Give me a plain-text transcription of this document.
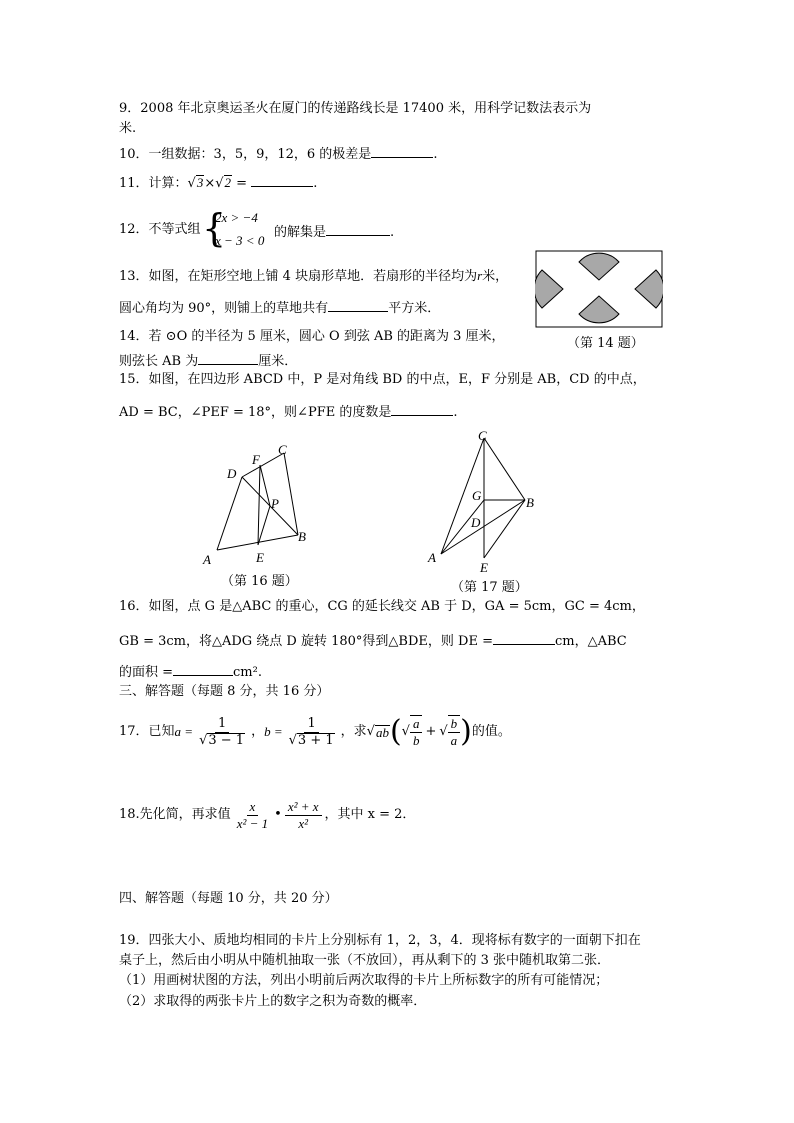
9．2008 年北京奥运圣火在厦门的传递路线长是 17400 米，用科学记数法表示为
米.
10．一组数据：3，5，9，12，6 的极差是	.
11．计算：√3×√2 =	.
12．不等式组 {
2x > −4
x − 3 < 0
的解集是	.
13．如图，在矩形空地上铺 4 块扇形草地．若扇形的半径均为r米，
圆心角均为 90°，则铺上的草地共有	平方米．
（第 14 题）
14．若 ⊙O 的半径为 5 厘米，圆心 O 到弦 AB 的距离为 3 厘米，
则弦长 AB 为	厘米．
15．如图，在四边形 ABCD 中，P 是对角线 BD 的中点，E，F 分别是 AB，CD 的中点，
AD = BC，∠PEF = 18°，则∠PFE 的度数是	.
A
B
C
D
E
F
P
（第 16 题）
A
B
C
D
E
G
（第 17 题）
16．如图，点 G 是△ABC 的重心，CG 的延长线交 AB 于 D，GA = 5cm，GC = 4cm，
GB = 3cm，将△ADG 绕点 D 旋转 180°得到△BDE，则 DE =	cm，△ABC
的面积 =	cm².
三、解答题（每题 8 分，共 16 分）
17．已知 $a = \frac{1}{√3 - 1}$ ， $b = \frac{1}{√3 + 1}$ ，求 √ ab ( √ $\frac{a}{b}$ + √ $\frac{b}{a}$ ) 的值。
18.先化简，再求值 $\frac{x}{\text{x² − 1}}$ • $\frac{\text{x² + x}}{\text{x²}}$ ，其中 x = 2．
四、解答题（每题 10 分，共 20 分）
19．四张大小、质地均相同的卡片上分别标有 1，2，3，4．现将标有数字的一面朝下扣在
桌子上，然后由小明从中随机抽取一张（不放回），再从剩下的 3 张中随机取第二张．
（1）用画树状图的方法，列出小明前后两次取得的卡片上所标数字的所有可能情况；
（2）求取得的两张卡片上的数字之积为奇数的概率．
